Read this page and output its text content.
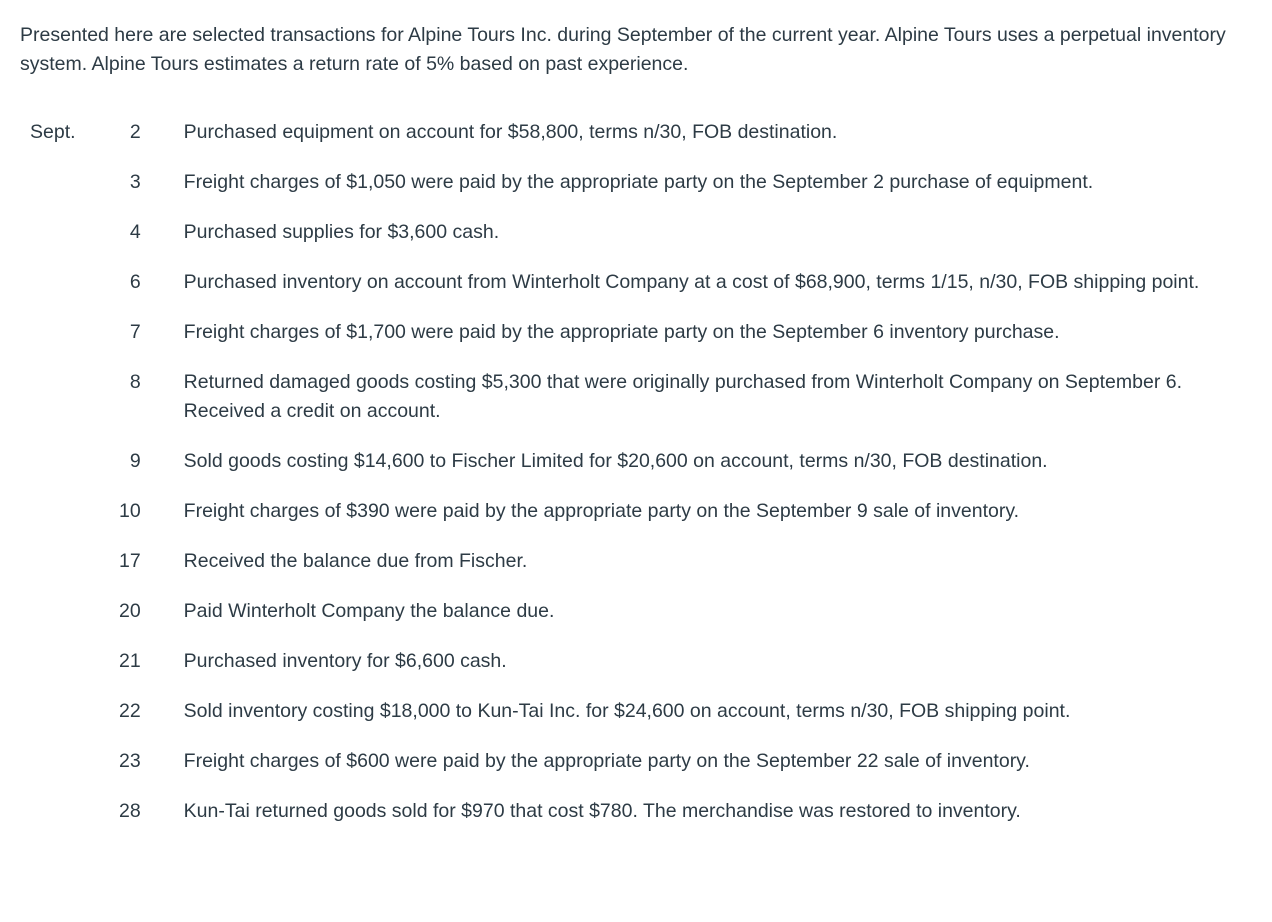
Presented here are selected transactions for Alpine Tours Inc. during September of the current year. Alpine Tours uses a perpetual inventory system. Alpine Tours estimates a return rate of 5% based on past experience.

Sept.	2	Purchased equipment on account for $58,800, terms n/30, FOB destination.

	3	Freight charges of $1,050 were paid by the appropriate party on the September 2 purchase of equipment.

	4	Purchased supplies for $3,600 cash.

	6	Purchased inventory on account from Winterholt Company at a cost of $68,900, terms 1/15, n/30, FOB shipping point.

	7	Freight charges of $1,700 were paid by the appropriate party on the September 6 inventory purchase.

	8	Returned damaged goods costing $5,300 that were originally purchased from Winterholt Company on September 6. Received a credit on account.

	9	Sold goods costing $14,600 to Fischer Limited for $20,600 on account, terms n/30, FOB destination.

	10	Freight charges of $390 were paid by the appropriate party on the September 9 sale of inventory.

	17	Received the balance due from Fischer.

	20	Paid Winterholt Company the balance due.

	21	Purchased inventory for $6,600 cash.

	22	Sold inventory costing $18,000 to Kun-Tai Inc. for $24,600 on account, terms n/30, FOB shipping point.

	23	Freight charges of $600 were paid by the appropriate party on the September 22 sale of inventory.

	28	Kun-Tai returned goods sold for $970 that cost $780. The merchandise was restored to inventory.
